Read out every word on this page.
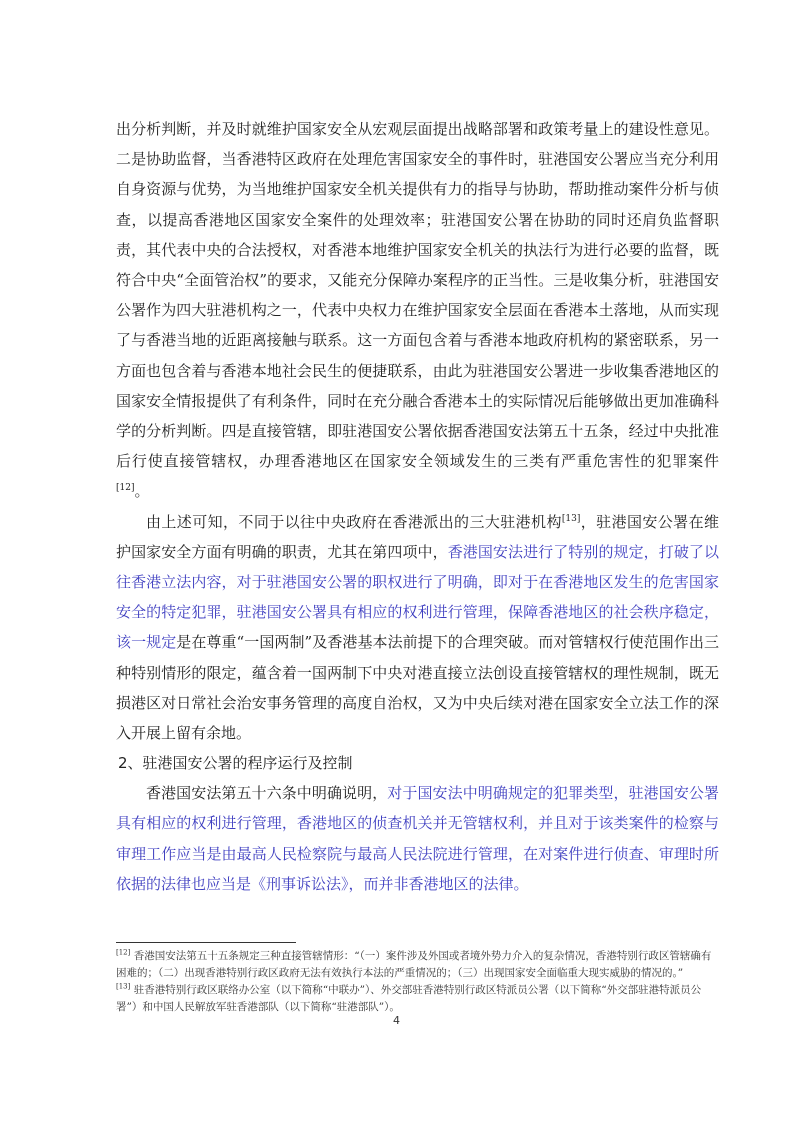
出分析判断，并及时就维护国家安全从宏观层面提出战略部署和政策考量上的建设性意见。二是协助监督，当香港特区政府在处理危害国家安全的事件时，驻港国安公署应当充分利用自身资源与优势，为当地维护国家安全机关提供有力的指导与协助，帮助推动案件分析与侦查，以提高香港地区国家安全案件的处理效率；驻港国安公署在协助的同时还肩负监督职责，其代表中央的合法授权，对香港本地维护国家安全机关的执法行为进行必要的监督，既符合中央“全面管治权”的要求，又能充分保障办案程序的正当性。三是收集分析，驻港国安公署作为四大驻港机构之一，代表中央权力在维护国家安全层面在香港本土落地，从而实现了与香港当地的近距离接触与联系。这一方面包含着与香港本地政府机构的紧密联系，另一方面也包含着与香港本地社会民生的便捷联系，由此为驻港国安公署进一步收集香港地区的国家安全情报提供了有利条件，同时在充分融合香港本土的实际情况后能够做出更加准确科学的分析判断。四是直接管辖，即驻港国安公署依据香港国安法第五十五条，经过中央批准后行使直接管辖权，办理香港地区在国家安全领域发生的三类有严重危害性的犯罪案件[12]。

由上述可知，不同于以往中央政府在香港派出的三大驻港机构[13]，驻港国安公署在维护国家安全方面有明确的职责，尤其在第四项中，香港国安法进行了特别的规定，打破了以往香港立法内容，对于驻港国安公署的职权进行了明确，即对于在香港地区发生的危害国家安全的特定犯罪，驻港国安公署具有相应的权利进行管理，保障香港地区的社会秩序稳定，该一规定是在尊重“一国两制”及香港基本法前提下的合理突破。而对管辖权行使范围作出三种特别情形的限定，蕴含着一国两制下中央对港直接立法创设直接管辖权的理性规制，既无损港区对日常社会治安事务管理的高度自治权，又为中央后续对港在国家安全立法工作的深入开展上留有余地。

2、驻港国安公署的程序运行及控制

香港国安法第五十六条中明确说明，对于国安法中明确规定的犯罪类型，驻港国安公署具有相应的权利进行管理，香港地区的侦查机关并无管辖权利，并且对于该类案件的检察与审理工作应当是由最高人民检察院与最高人民法院进行管理，在对案件进行侦查、审理时所依据的法律也应当是《刑事诉讼法》，而并非香港地区的法律。

[12] 香港国安法第五十五条规定三种直接管辖情形：“（一）案件涉及外国或者境外势力介入的复杂情况，香港特别行政区管辖确有困难的；（二）出现香港特别行政区政府无法有效执行本法的严重情况的；（三）出现国家安全面临重大现实威胁的情况的。”

[13] 驻香港特别行政区联络办公室（以下简称“中联办”）、外交部驻香港特别行政区特派员公署（以下简称“外交部驻港特派员公署”）和中国人民解放军驻香港部队（以下简称“驻港部队”）。

4
